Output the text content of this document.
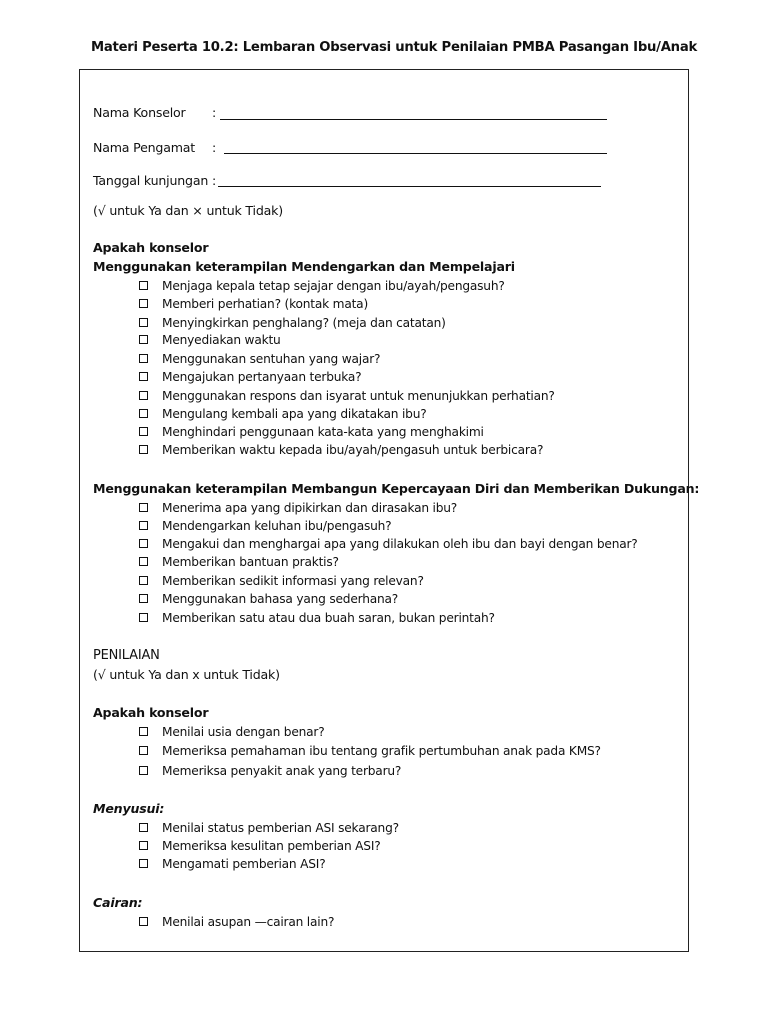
Materi Peserta 10.2: Lembaran Observasi untuk Penilaian PMBA Pasangan Ibu/Anak
Nama Konselor :
Nama Pengamat :
Tanggal kunjungan :
(√ untuk Ya dan × untuk Tidak)
Apakah konselor
Menggunakan keterampilan Mendengarkan dan Mempelajari
Menjaga kepala tetap sejajar dengan ibu/ayah/pengasuh?
Memberi perhatian? (kontak mata)
Menyingkirkan penghalang? (meja dan catatan)
Menyediakan waktu
Menggunakan sentuhan yang wajar?
Mengajukan pertanyaan terbuka?
Menggunakan respons dan isyarat untuk menunjukkan perhatian?
Mengulang kembali apa yang dikatakan ibu?
Menghindari penggunaan kata-kata yang menghakimi
Memberikan waktu kepada ibu/ayah/pengasuh untuk berbicara?
Menggunakan keterampilan Membangun Kepercayaan Diri dan Memberikan Dukungan:
Menerima apa yang dipikirkan dan dirasakan ibu?
Mendengarkan keluhan ibu/pengasuh?
Mengakui dan menghargai apa yang dilakukan oleh ibu dan bayi dengan benar?
Memberikan bantuan praktis?
Memberikan sedikit informasi yang relevan?
Menggunakan bahasa yang sederhana?
Memberikan satu atau dua buah saran, bukan perintah?
PENILAIAN
(√ untuk Ya dan x untuk Tidak)
Apakah konselor
Menilai usia dengan benar?
Memeriksa pemahaman ibu tentang grafik pertumbuhan anak pada KMS?
Memeriksa penyakit anak yang terbaru?
Menyusui:
Menilai status pemberian ASI sekarang?
Memeriksa kesulitan pemberian ASI?
Mengamati pemberian ASI?
Cairan:
Menilai asupan —cairan lain?
